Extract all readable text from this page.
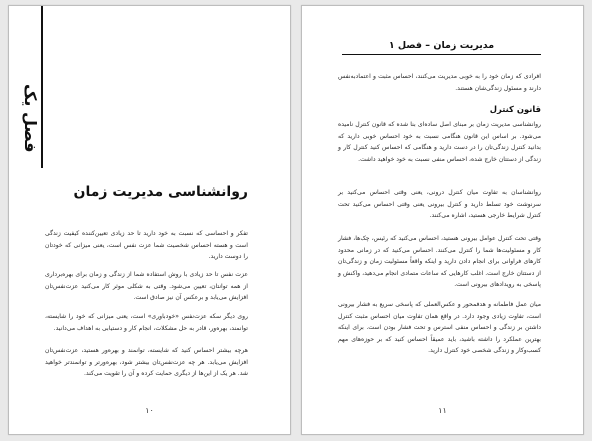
فصل یک
روانشناسی مدیریت زمان
تفکر و احساسی که نسبت به خود دارید تا حد زیادی تعیین‌کننده کیفیت زندگی است و هسته احساس شخصیت شما عزت نفس است، یعنی میزانی که خودتان را دوست دارید.
عزت نفس تا حد زیادی با روش استفاده شما از زندگی و زمان برای بهره‌برداری از همه توانتان، تعیین می‌شود. وقتی به شکلی موثر کار می‌کنید عزت‌نفس‌تان افزایش می‌یابد و برعکس آن نیز صادق است.
روی دیگر سکه عزت‌نفس «خودباوری» است، یعنی میزانی که خود را شایسته، توانمند، بهره‌ور، قادر به حل مشکلات، انجام کار و دستیابی به اهداف می‌دانید.
هرچه بیشتر احساس کنید که شایسته، توانمند و بهره‌ور هستید، عزت‌نفس‌تان افزایش می‌یابد. هر چه عزت‌نفس‌تان بیشتر شود، بهره‌ورتر و توانمندتر خواهید شد. هر یک از این‌ها از دیگری حمایت کرده و آن را تقویت می‌کند.
۱۰
مدیریت زمان – فصل ۱
افرادی که زمان خود را به خوبی مدیریت می‌کنند، احساس مثبت و اعتمادبه‌نفس دارند و مسئول زندگی‌شان هستند.
قانون کنترل
روانشناسی مدیریت زمان بر مبنای اصل ساده‌ای بنا شده که قانون کنترل نامیده می‌شود. بر اساس این قانون هنگامی نسبت به خود احساس خوبی دارید که بدانید کنترل زندگی‌تان را در دست دارید و هنگامی که احساس کنید کنترل کار و زندگی از دستتان خارج شده، احساس منفی نسبت به خود خواهید داشت.
روانشناسان به تفاوت میان کنترل درونی، یعنی وقتی احساس می‌کنید بر سرنوشت خود تسلط دارید و کنترل بیرونی یعنی وقتی احساس می‌کنید تحت کنترل شرایط خارجی هستید، اشاره می‌کنند.
وقتی تحت کنترل عوامل بیرونی هستید، احساس می‌کنید که رئیس، چک‌ها، فشار کار و مسئولیت‌ها شما را کنترل می‌کنند. احساس می‌کنید که در زمانی محدود کارهای فراوانی برای انجام دادن دارید و اینکه واقعاً مسئولیت زمان و زندگی‌تان از دستتان خارج است. اغلب کارهایی که ساعات متمادی انجام می‌دهید، واکنش و پاسخی به رویدادهای بیرونی است.
میان عمل فاطمانه و هدفمحور و عکس‌العملی که پاسخی سریع به فشار بیرونی است، تفاوت زیادی وجود دارد. در واقع همان تفاوت میان احساس مثبت کنترل داشتن بر زندگی و احساس منفی استرس و تحت فشار بودن است. برای اینکه بهترین عملکرد را داشته باشید، باید عمیقاً احساس کنید که بر حوزه‌های مهم کسب‌وکار و زندگی شخصی خود کنترل دارید.
۱۱
